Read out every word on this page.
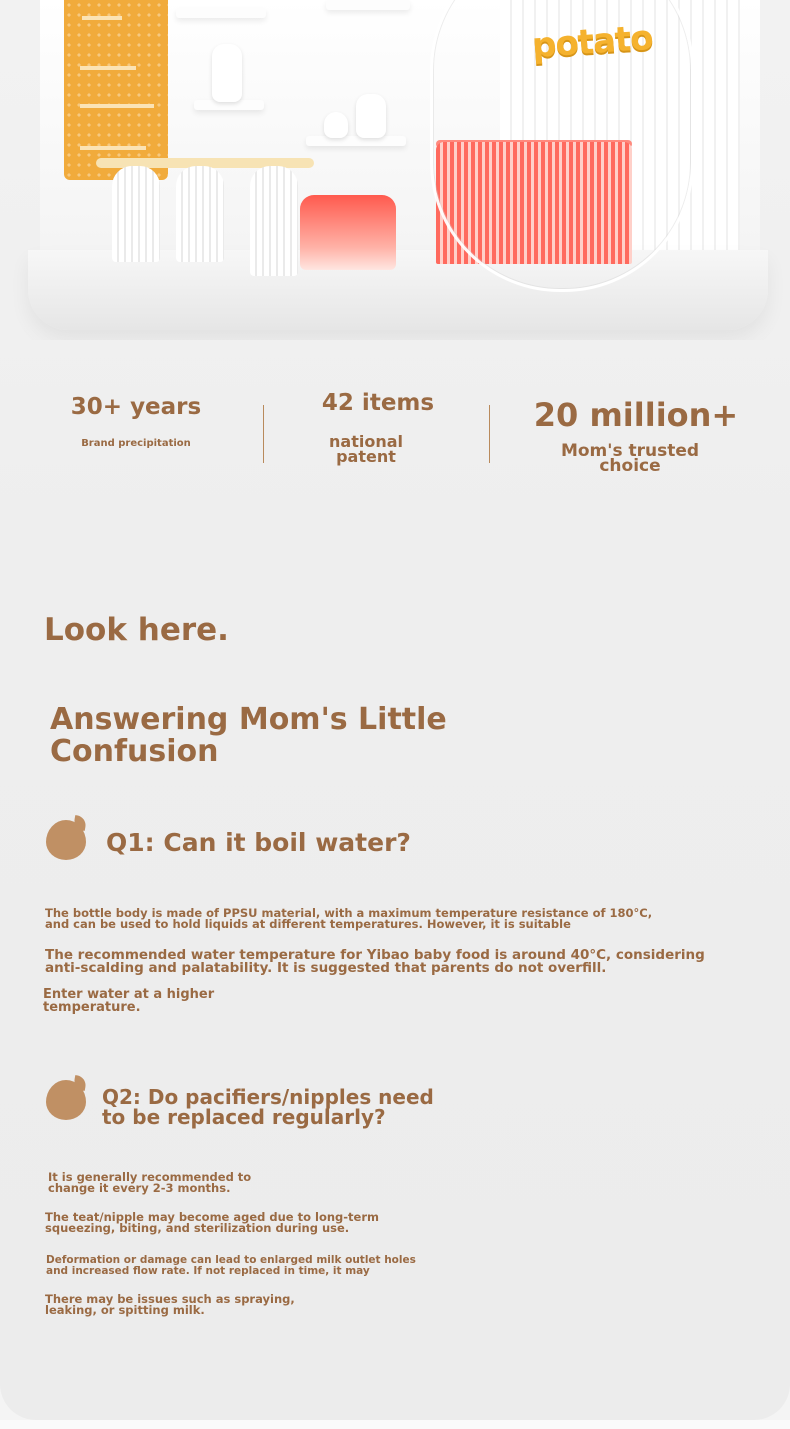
potato
30+ years
Brand precipitation
42 items
national
patent
20 million+
Mom's trusted
choice
Look here.
Answering Mom's Little
Confusion
Q1: Can it boil water?
The bottle body is made of PPSU material, with a maximum temperature resistance of 180°C,
and can be used to hold liquids at different temperatures. However, it is suitable
The recommended water temperature for Yibao baby food is around 40°C, considering
anti-scalding and palatability. It is suggested that parents do not overfill.
Enter water at a higher
temperature.
Q2: Do pacifiers/nipples need
to be replaced regularly?
It is generally recommended to
change it every 2-3 months.
The teat/nipple may become aged due to long-term
squeezing, biting, and sterilization during use.
Deformation or damage can lead to enlarged milk outlet holes
and increased flow rate. If not replaced in time, it may
There may be issues such as spraying,
leaking, or spitting milk.
